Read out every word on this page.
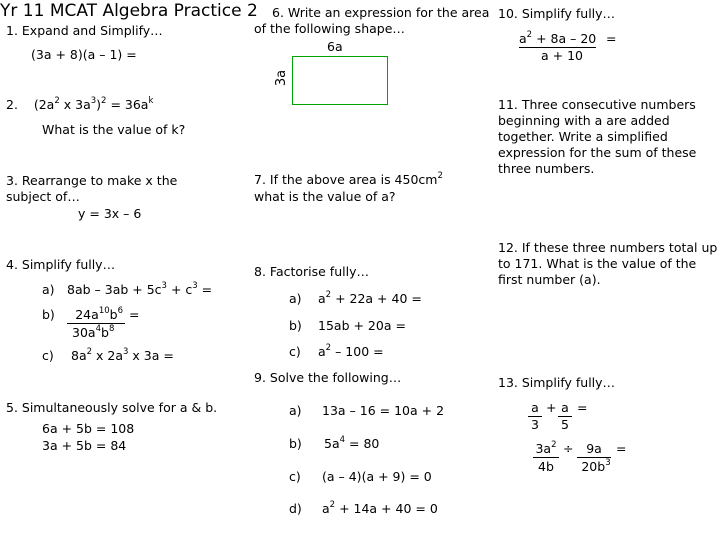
Yr 11 MCAT Algebra Practice 2
1. Expand and Simplify…
(3a + 8)(a – 1) =
2. ($2a^2$ x $3a^3)^2 = 36a^k$
What is the value of k?
3. Rearrange to make x the
subject of…
y = 3x – 6
4. Simplify fully…
a) $8ab - 3ab + 5c^3 + c^3$ =
b)	$24a^{10}b^6$ =
$30a^4b^8$
c) $8a^2$ x $2a^3$ x 3a =
5. Simultaneously solve for a & b.
6a + 5b = 108
3a + 5b = 84
6. Write an expression for the area of the following shape…
6a
3a
7. If the above area is $450cm^2$
what is the value of a?
8. Factorise fully…
a) $a^2 + 22a + 40$ =
b) 15ab + 20a =
c) $a^2 - 100$ =
9. Solve the following…
a) 13a – 16 = 10a + 2
b) $5a^4 = 80$
c) (a – 4)(a + 9) = 0
d) $a^2 + 14a + 40 = 0$
10. Simplify fully…
$a^2 + 8a - 20$ =
a + 10
11. Three consecutive numbers beginning with a are added together. Write a simplified expression for the sum of these three numbers.
12. If these three numbers total up to 171. What is the value of the first number (a).
13. Simplify fully…
a + a =
3 5
$3a^2$ ÷	9a	=
4b	$20b^3$
